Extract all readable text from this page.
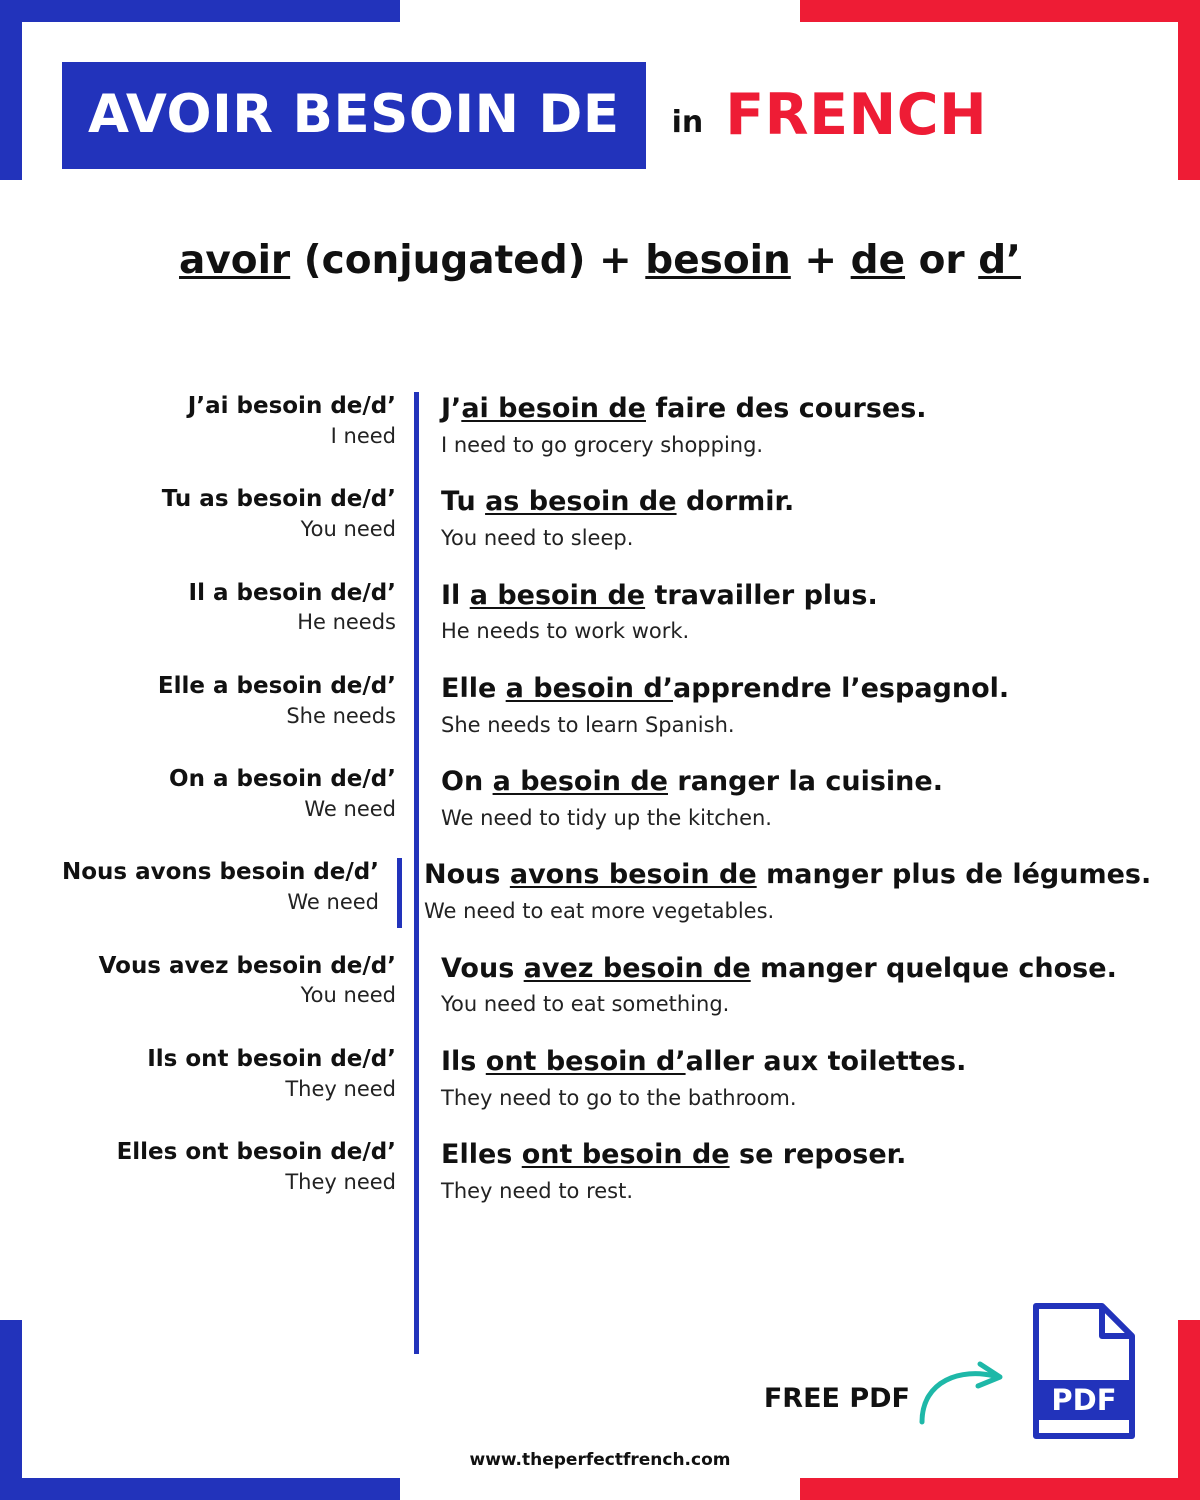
AVOIR BESOIN DE	in FRENCH
avoir (conjugated) + besoin + de or d’
J’ai besoin de/d’
I need
J’ai besoin de faire des courses.
I need to go grocery shopping.
Tu as besoin de/d’
You need
Tu as besoin de dormir.
You need to sleep.
Il a besoin de/d’
He needs
Il a besoin de travailler plus.
He needs to work work.
Elle a besoin de/d’
She needs
Elle a besoin d’apprendre l’espagnol.
She needs to learn Spanish.
On a besoin de/d’
We need
On a besoin de ranger la cuisine.
We need to tidy up the kitchen.
Nous avons besoin de/d’
We need
Nous avons besoin de manger plus de légumes.
We need to eat more vegetables.
Vous avez besoin de/d’
You need
Vous avez besoin de manger quelque chose.
You need to eat something.
Ils ont besoin de/d’
They need
Ils ont besoin d’aller aux toilettes.
They need to go to the bathroom.
Elles ont besoin de/d’
They need
Elles ont besoin de se reposer.
They need to rest.
FREE PDF	PDF
www.theperfectfrench.com
